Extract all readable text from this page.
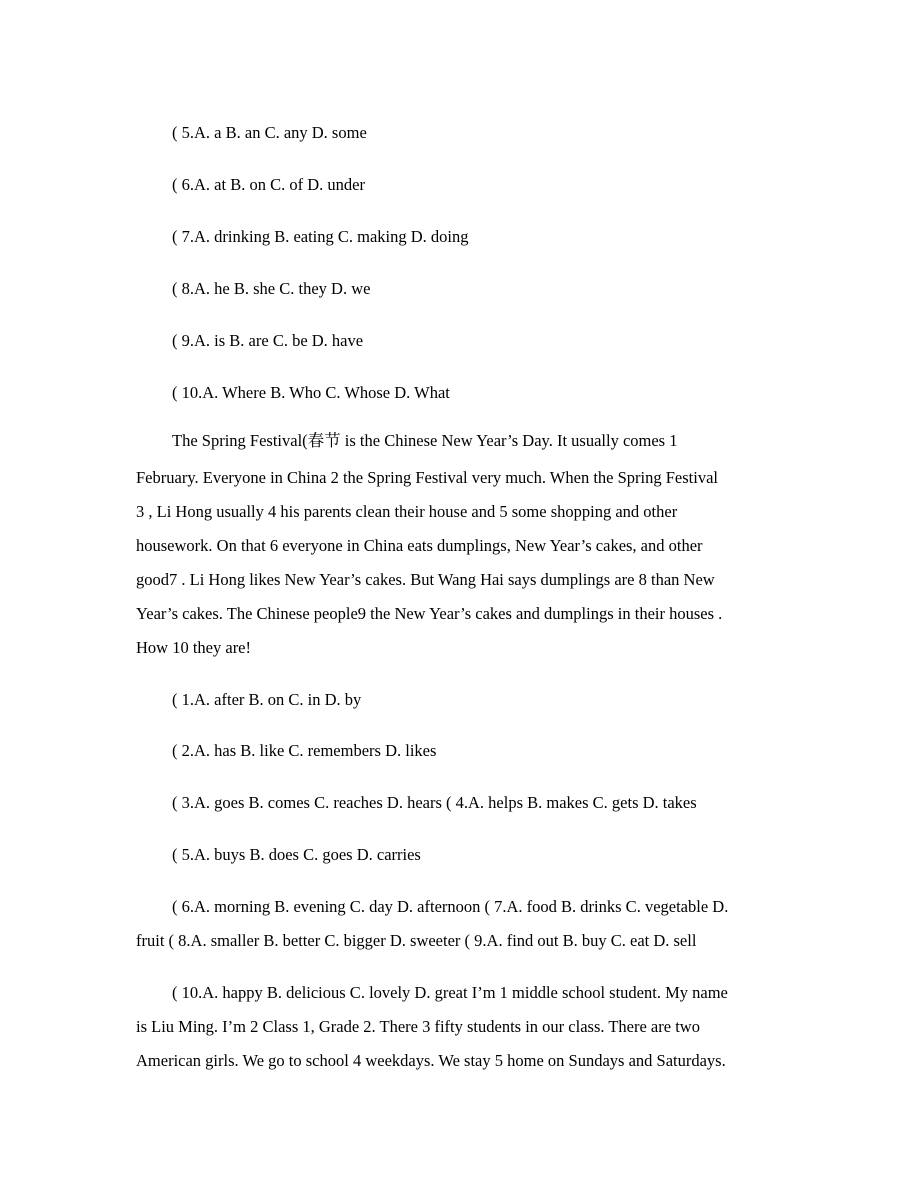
( 5.A. a B. an C. any D. some
( 6.A. at B. on C. of D. under
( 7.A. drinking B. eating C. making D. doing
( 8.A. he B. she C. they D. we
( 9.A. is B. are C. be D. have
( 10.A. Where B. Who C. Whose D. What
The Spring Festival(春节 is the Chinese New Year’s Day. It usually comes 1
February. Everyone in China 2 the Spring Festival very much. When the Spring Festival
3 , Li Hong usually 4 his parents clean their house and 5 some shopping and other
housework. On that 6 everyone in China eats dumplings, New Year’s cakes, and other
good7 . Li Hong likes New Year’s cakes. But Wang Hai says dumplings are 8 than New
Year’s cakes. The Chinese people9 the New Year’s cakes and dumplings in their houses .
How 10 they are!
( 1.A. after B. on C. in D. by
( 2.A. has B. like C. remembers D. likes
( 3.A. goes B. comes C. reaches D. hears ( 4.A. helps B. makes C. gets D. takes
( 5.A. buys B. does C. goes D. carries
( 6.A. morning B. evening C. day D. afternoon ( 7.A. food B. drinks C. vegetable D.
fruit ( 8.A. smaller B. better C. bigger D. sweeter ( 9.A. find out B. buy C. eat D. sell
( 10.A. happy B. delicious C. lovely D. great I’m 1 middle school student. My name
is Liu Ming. I’m 2 Class 1, Grade 2. There 3 fifty students in our class. There are two
American girls. We go to school 4 weekdays. We stay 5 home on Sundays and Saturdays.
